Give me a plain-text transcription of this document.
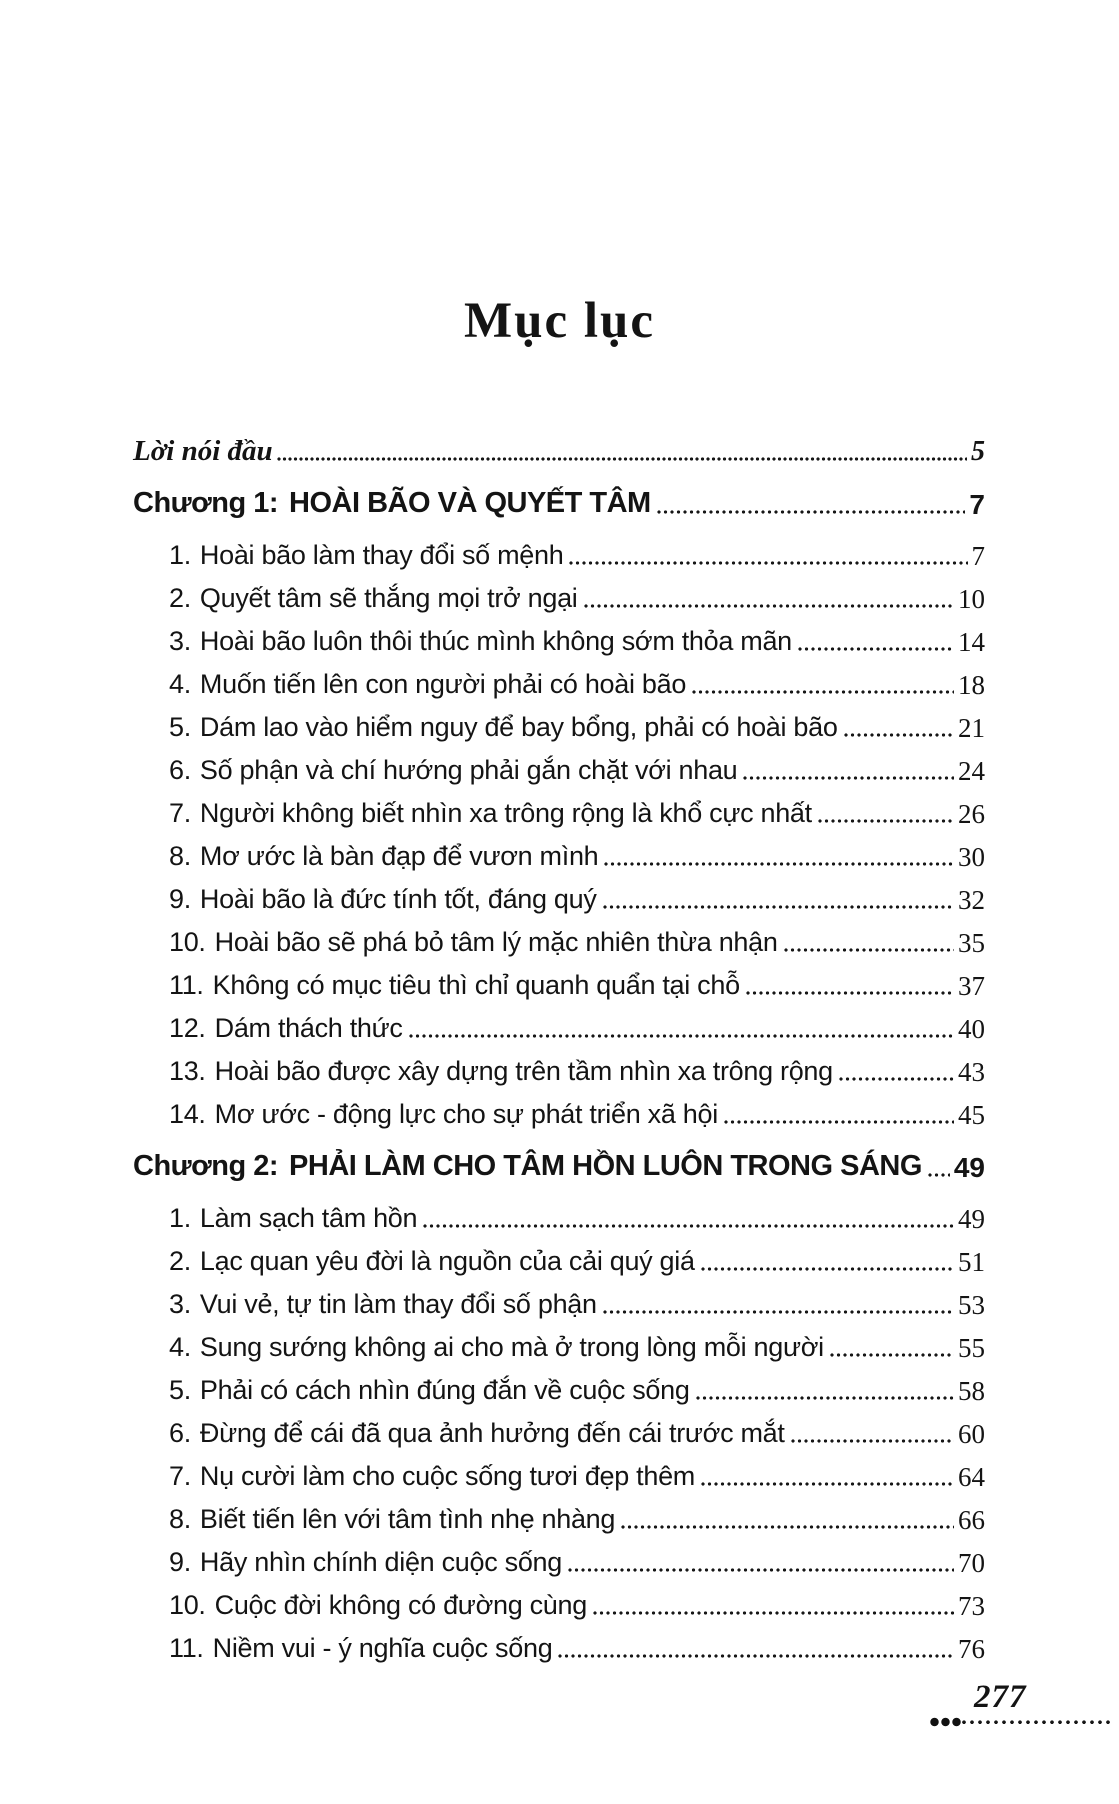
Mục lục
Lời nói đầu	5
Chương 1: HOÀI BÃO VÀ QUYẾT TÂM	7
1. Hoài bão làm thay đổi số mệnh	7
2. Quyết tâm sẽ thắng mọi trở ngại	10
3. Hoài bão luôn thôi thúc mình không sớm thỏa mãn	14
4. Muốn tiến lên con người phải có hoài bão	18
5. Dám lao vào hiểm nguy để bay bổng, phải có hoài bão	21
6. Số phận và chí hướng phải gắn chặt với nhau	24
7. Người không biết nhìn xa trông rộng là khổ cực nhất	26
8. Mơ ước là bàn đạp để vươn mình	30
9. Hoài bão là đức tính tốt, đáng quý	32
10. Hoài bão sẽ phá bỏ tâm lý mặc nhiên thừa nhận	35
11. Không có mục tiêu thì chỉ quanh quẩn tại chỗ	37
12. Dám thách thức	40
13. Hoài bão được xây dựng trên tầm nhìn xa trông rộng	43
14. Mơ ước - động lực cho sự phát triển xã hội	45
Chương 2: PHẢI LÀM CHO TÂM HỒN LUÔN TRONG SÁNG 49
1. Làm sạch tâm hồn	49
2. Lạc quan yêu đời là nguồn của cải quý giá	51
3. Vui vẻ, tự tin làm thay đổi số phận	53
4. Sung sướng không ai cho mà ở trong lòng mỗi người	55
5. Phải có cách nhìn đúng đắn về cuộc sống	58
6. Đừng để cái đã qua ảnh hưởng đến cái trước mắt	60
7. Nụ cười làm cho cuộc sống tươi đẹp thêm	64
8. Biết tiến lên với tâm tình nhẹ nhàng	66
9. Hãy nhìn chính diện cuộc sống	70
10. Cuộc đời không có đường cùng	73
11. Niềm vui - ý nghĩa cuộc sống	76
277
